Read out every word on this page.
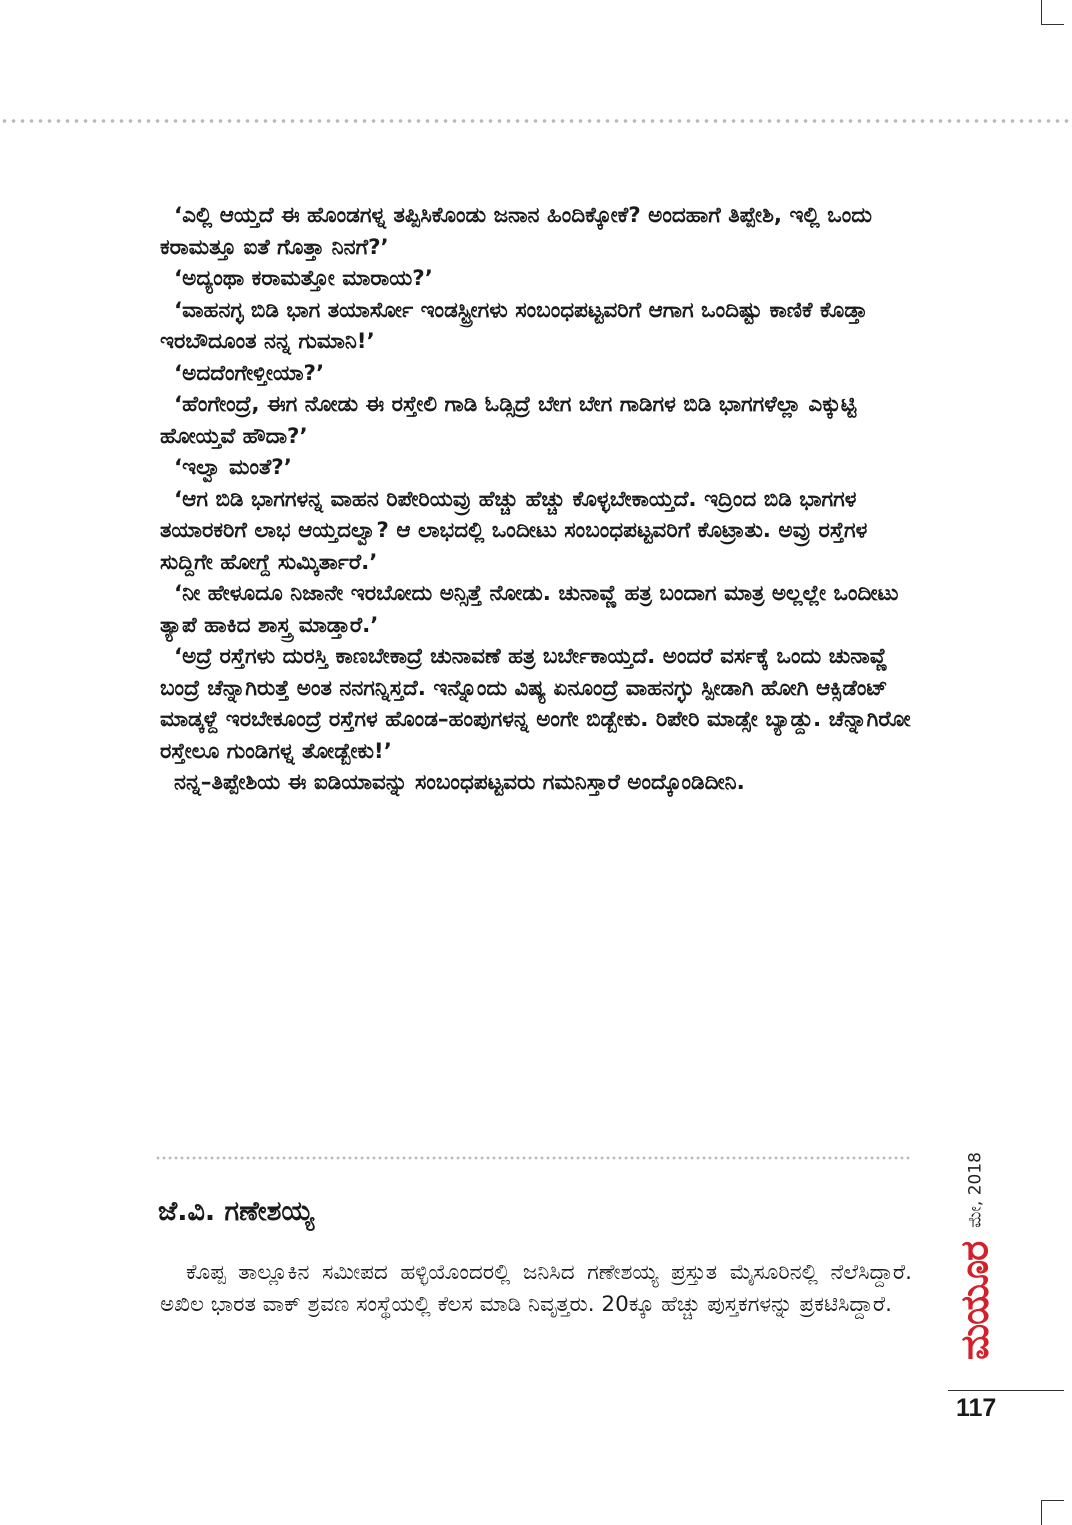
‘ಎಲ್ಲಿ ಆಯ್ತದೆ ಈ ಹೊಂಡಗಳ್ನ ತಪ್ಪಿಸಿಕೊಂಡು ಜನಾನ ಹಿಂದಿಕ್ಕೋಕೆ? ಅಂದಹಾಗೆ ತಿಪ್ಪೇಶಿ, ಇಲ್ಲಿ ಒಂದು ಕರಾಮತ್ತೂ ಐತೆ ಗೊತ್ತಾ ನಿನಗೆ?’

‘ಅದ್ಯಂಥಾ ಕರಾಮತ್ತೋ ಮಾರಾಯ?’

‘ವಾಹನಗ್ಳ ಬಿಡಿ ಭಾಗ ತಯಾರ್ಸೋ ಇಂಡಸ್ಟ್ರೀಗಳು ಸಂಬಂಧಪಟ್ಟವರಿಗೆ ಆಗಾಗ ಒಂದಿಷ್ಟು ಕಾಣಿಕೆ ಕೊಡ್ತಾ ಇರಬೌದೂಂತ ನನ್ನ ಗುಮಾನಿ!’

‘ಅದದೆಂಗೇಳ್ತೀಯಾ?’

‘ಹೆಂಗೇಂದ್ರೆ, ಈಗ ನೋಡು ಈ ರಸ್ತೇಲಿ ಗಾಡಿ ಓಡ್ಸಿದ್ರೆ ಬೇಗ ಬೇಗ ಗಾಡಿಗಳ ಬಿಡಿ ಭಾಗಗಳೆಲ್ಲಾ ಎಕ್ಕುಟ್ಟಿ ಹೋಯ್ತವೆ ಹೌದಾ?’

‘ಇಲ್ವಾ ಮಂತೆ?’

‘ಆಗ ಬಿಡಿ ಭಾಗಗಳನ್ನ ವಾಹನ ರಿಪೇರಿಯವ್ರು ಹೆಚ್ಚು ಹೆಚ್ಚು ಕೊಳ್ಳಬೇಕಾಯ್ತದೆ. ಇದ್ರಿಂದ ಬಿಡಿ ಭಾಗಗಳ ತಯಾರಕರಿಗೆ ಲಾಭ ಆಯ್ತದಲ್ವಾ? ಆ ಲಾಭದಲ್ಲಿ ಒಂದೀಟು ಸಂಬಂಧಪಟ್ಟವರಿಗೆ ಕೊಟ್ರಾತು. ಅವ್ರು ರಸ್ತೆಗಳ ಸುದ್ದಿಗೇ ಹೋಗ್ದೆ ಸುಮ್ಕಿರ್ತಾರೆ.’

‘ನೀ ಹೇಳೂದೂ ನಿಜಾನೇ ಇರಬೋದು ಅನ್ಸಿತ್ತೆ ನೋಡು. ಚುನಾವ್ಣೆ ಹತ್ರ ಬಂದಾಗ ಮಾತ್ರ ಅಲ್ಲಲ್ಲೇ ಒಂದೀಟು ತ್ಯಾಪೆ ಹಾಕಿದ ಶಾಸ್ತ್ರ ಮಾಡ್ತಾರೆ.’

‘ಅದ್ರೆ ರಸ್ತೆಗಳು ದುರಸ್ತಿ ಕಾಣಬೇಕಾದ್ರೆ ಚುನಾವಣೆ ಹತ್ರ ಬರ್ಬೇಕಾಯ್ತದೆ. ಅಂದರೆ ವರ್ಸಕ್ಕೆ ಒಂದು ಚುನಾವ್ಣೆ ಬಂದ್ರೆ ಚೆನ್ನಾಗಿರುತ್ತೆ ಅಂತ ನನಗನ್ನಿಸ್ತದೆ. ಇನ್ನೊಂದು ವಿಷ್ಯ ಏನೂಂದ್ರೆ ವಾಹನಗ್ಳು ಸ್ಪೀಡಾಗಿ ಹೋಗಿ ಆಕ್ಸಿಡೆಂಟ್ ಮಾಡ್ಕಳ್ದೆ ಇರಬೇಕೂಂದ್ರೆ ರಸ್ತೆಗಳ ಹೊಂಡ–ಹಂಪುಗಳನ್ನ ಅಂಗೇ ಬಿಡ್ಬೇಕು. ರಿಪೇರಿ ಮಾಡ್ಸೇ ಬ್ಯಾಡ್ದು. ಚೆನ್ನಾಗಿರೋ ರಸ್ತೇಲೂ ಗುಂಡಿಗಳ್ನ ತೋಡ್ಬೇಕು!’

ನನ್ನ–ತಿಪ್ಪೇಶಿಯ ಈ ಐಡಿಯಾವನ್ನು ಸಂಬಂಧಪಟ್ಟವರು ಗಮನಿಸ್ತಾರೆ ಅಂದ್ಕೊಂಡಿದೀನಿ.

ಜೆ.ವಿ. ಗಣೇಶಯ್ಯ

ಕೊಪ್ಪ ತಾಲ್ಲೂಕಿನ ಸಮೀಪದ ಹಳ್ಳಿಯೊಂದರಲ್ಲಿ ಜನಿಸಿದ ಗಣೇಶಯ್ಯ ಪ್ರಸ್ತುತ ಮೈಸೂರಿನಲ್ಲಿ ನೆಲೆಸಿದ್ದಾರೆ. ಅಖಿಲ ಭಾರತ ವಾಕ್ ಶ್ರವಣ ಸಂಸ್ಥೆಯಲ್ಲಿ ಕೆಲಸ ಮಾಡಿ ನಿವೃತ್ತರು. 20ಕ್ಕೂ ಹೆಚ್ಚು ಪುಸ್ತಕಗಳನ್ನು ಪ್ರಕಟಿಸಿದ್ದಾರೆ.	ಮಯೂರ
ಮೇ, 2018
117
